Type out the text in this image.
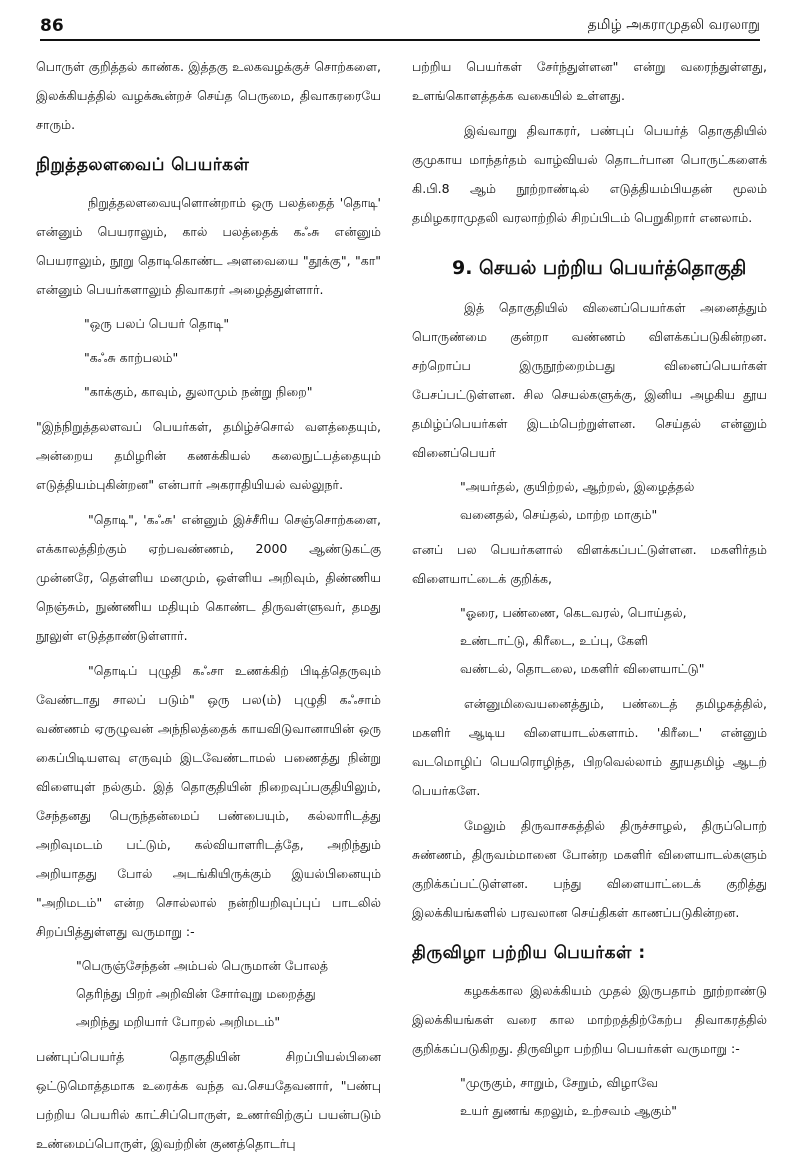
86	தமிழ் அகராமுதலி வரலாறு

பொருள் குறித்தல் காண்க. இத்தகு உலகவழக்குச் சொற்களை, இலக்கியத்தில் வழக்கூன்றச் செய்த பெருமை, திவாகரரையே சாரும்.

நிறுத்தலளவைப் பெயர்கள்

நிறுத்தலளவையுளொன்றாம் ஒரு பலத்தைத் 'தொடி' என்னும் பெயராலும், கால் பலத்தைக் கஃசு என்னும் பெயராலும், நூறு தொடிகொண்ட அளவையை "தூக்கு", "கா" என்னும் பெயர்களாலும் திவாகரர் அழைத்துள்ளார்.

"ஒரு பலப் பெயர் தொடி"
"கஃசு காற்பலம்"
"காக்கும், காவும், துலாமும் நன்று நிறை"

"இந்நிறுத்தலளவப் பெயர்கள், தமிழ்ச்சொல் வளத்தையும், அன்றைய தமிழரின் கணக்கியல் கலைநுட்பத்தையும் எடுத்தியம்புகின்றன" என்பார் அகராதியியல் வல்லுநர்.

"தொடி", 'கஃசு' என்னும் இச்சீரிய செஞ்சொற்களை, எக்காலத்திற்கும் ஏற்பவண்ணம், 2000 ஆண்டுகட்கு முன்னரே, தெள்ளிய மனமும், ஒள்ளிய அறிவும், திண்ணிய நெஞ்சும், நுண்ணிய மதியும் கொண்ட திருவள்ளுவர், தமது நூலுள் எடுத்தாண்டுள்ளார்.

"தொடிப் புழுதி கஃசா உணக்கிற் பிடித்தெருவும் வேண்டாது சாலப் படும்" ஒரு பல(ம்) புழுதி கஃசாம் வண்ணம் ஏருழுவன் அந்நிலத்தைக் காயவிடுவானாயின் ஒரு கைப்பிடியளவு எருவும் இடவேண்டாமல் பணைத்து நின்று விளையுள் நல்கும். இத் தொகுதியின் நிறைவுப்பகுதியிலும், சேந்தனது பெருந்தன்மைப் பண்பையும், கல்லாரிடத்து அறிவுமடம் பட்டும், கல்வியாளரிடத்தே, அறிந்தும் அறியாதது போல் அடங்கியிருக்கும் இயல்பினையும் "அறிமடம்" என்ற சொல்லால் நன்றியறிவுப்புப் பாடலில் சிறப்பித்துள்ளது வருமாறு :-

"பெருஞ்சேந்தன் அம்பல் பெருமான் போலத்
தெரிந்து பிறர் அறிவின் சோர்வுறு மறைத்து
அறிந்து மறியார் போறல் அறிமடம்"

பண்புப்பெயர்த் தொகுதியின் சிறப்பியல்பினை ஒட்டுமொத்தமாக உரைக்க வந்த வ.செயதேவனார், "பண்பு பற்றிய பெயரில் காட்சிப்பொருள், உணர்விற்குப் பயன்படும் உண்மைப்பொருள், இவற்றின் குணத்தொடர்பு

பற்றிய பெயர்கள் சேர்ந்துள்ளன" என்று வரைந்துள்ளது, உளங்கொளத்தக்க வகையில் உள்ளது.

இவ்வாறு திவாகரர், பண்புப் பெயர்த் தொகுதியில் குமுகாய மாந்தர்தம் வாழ்வியல் தொடர்பான பொருட்களைக் கி.பி.8 ஆம் நூற்றாண்டில் எடுத்தியம்பியதன் மூலம் தமிழகராமுதலி வரலாற்றில் சிறப்பிடம் பெறுகிறார் எனலாம்.

9. செயல் பற்றிய பெயர்த்தொகுதி

இத் தொகுதியில் வினைப்பெயர்கள் அனைத்தும் பொருண்மை குன்றா வண்ணம் விளக்கப்படுகின்றன. சற்றொப்ப இருநூற்றைம்பது வினைப்பெயர்கள் பேசப்பட்டுள்ளன. சில செயல்களுக்கு, இனிய அழகிய தூய தமிழ்ப்பெயர்கள் இடம்பெற்றுள்ளன. செய்தல் என்னும் வினைப்பெயர்

"அயர்தல், குயிற்றல், ஆற்றல், இழைத்தல்
வனைதல், செய்தல், மாற்ற மாகும்"

எனப் பல பெயர்களால் விளக்கப்பட்டுள்ளன. மகளிர்தம் விளையாட்டைக் குறிக்க,

"ஓரை, பண்ணை, கெடவரல், பொய்தல்,
உண்டாட்டு, கிரீடை, உப்பு, கேளி
வண்டல், தொடலை, மகளிர் விளையாட்டு"

என்னுமிவையனைத்தும், பண்டைத் தமிழகத்தில், மகளிர் ஆடிய விளையாடல்களாம். 'கிரீடை' என்னும் வடமொழிப் பெயரொழிந்த, பிறவெல்லாம் தூயதமிழ் ஆடற் பெயர்களே.

மேலும் திருவாசகத்தில் திருச்சாழல், திருப்பொற் சுண்ணம், திருவம்மானை போன்ற மகளிர் விளையாடல்களும் குறிக்கப்பட்டுள்ளன. பந்து விளையாட்டைக் குறித்து இலக்கியங்களில் பரவலான செய்திகள் காணப்படுகின்றன.

திருவிழா பற்றிய பெயர்கள் :

கழகக்கால இலக்கியம் முதல் இருபதாம் நூற்றாண்டு இலக்கியங்கள் வரை கால மாற்றத்திற்கேற்ப திவாகரத்தில் குறிக்கப்படுகிறது. திருவிழா பற்றிய பெயர்கள் வருமாறு :-

"முருகும், சாறும், சேறும், விழாவே
உயர் துணங் கறலும், உற்சவம் ஆகும்"
